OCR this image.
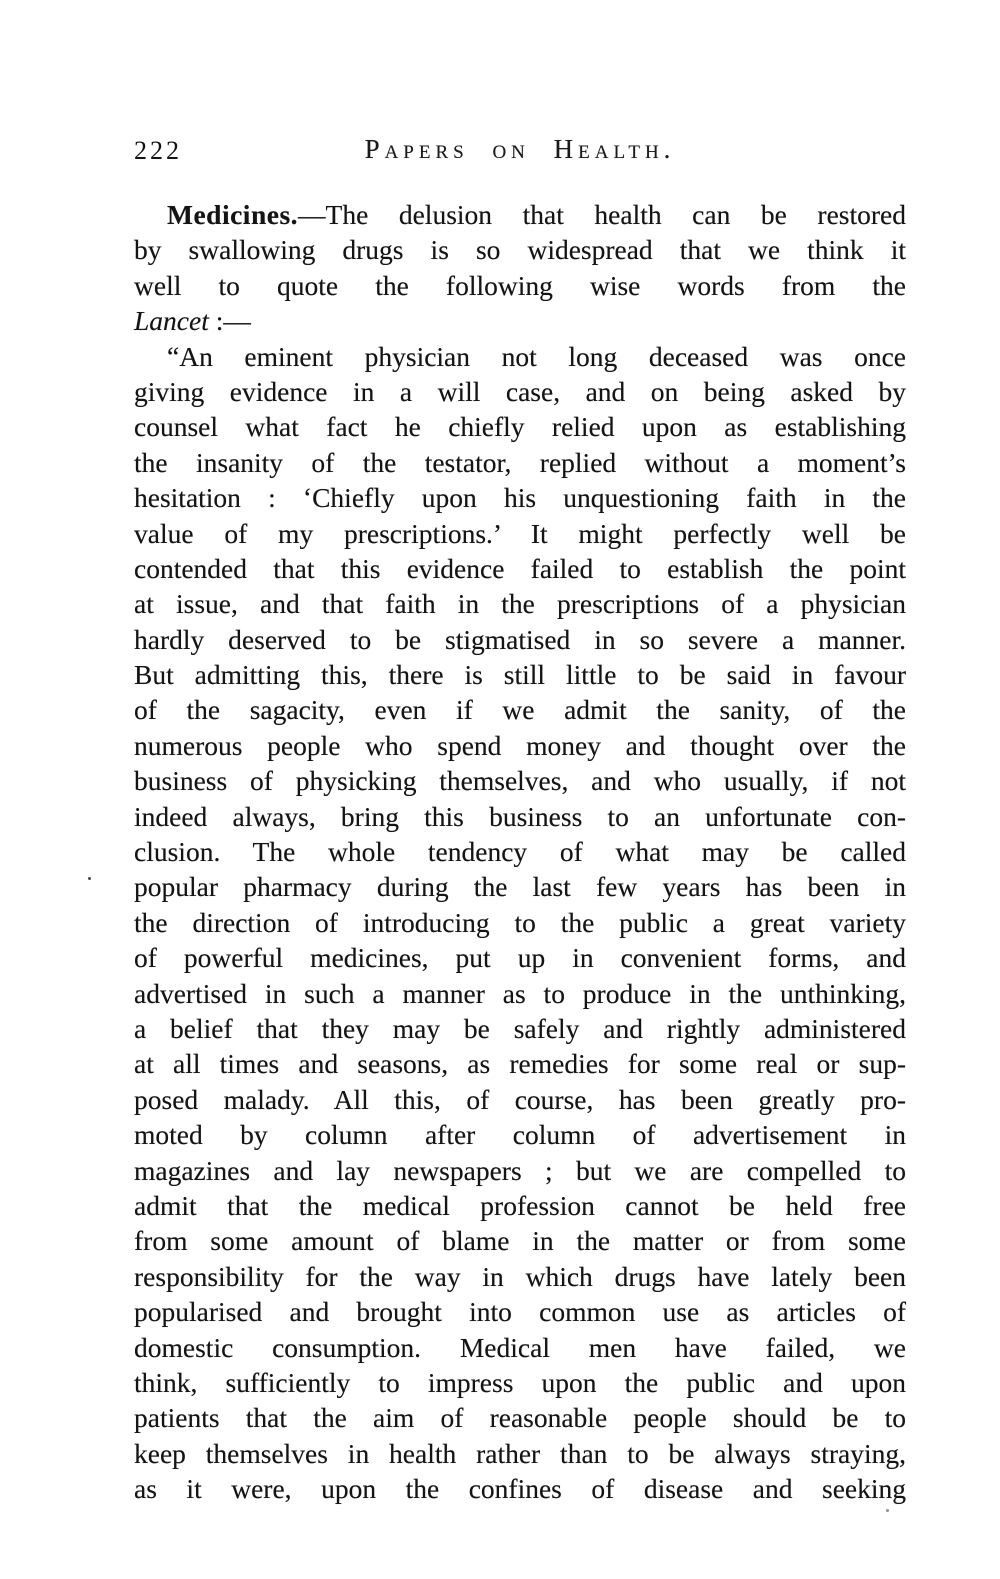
222	Papers on Health.
Medicines.—The delusion that health can be restored
by swallowing drugs is so widespread that we think it
well to quote the following wise words from the
Lancet :—
“An eminent physician not long deceased was once
giving evidence in a will case, and on being asked by
counsel what fact he chiefly relied upon as establishing
the insanity of the testator, replied without a moment’s
hesitation : ‘Chiefly upon his unquestioning faith in the
value of my prescriptions.’ It might perfectly well be
contended that this evidence failed to establish the point
at issue, and that faith in the prescriptions of a physician
hardly deserved to be stigmatised in so severe a manner.
But admitting this, there is still little to be said in favour
of the sagacity, even if we admit the sanity, of the
numerous people who spend money and thought over the
business of physicking themselves, and who usually, if not
indeed always, bring this business to an unfortunate con-
clusion. The whole tendency of what may be called
popular pharmacy during the last few years has been in
the direction of introducing to the public a great variety
of powerful medicines, put up in convenient forms, and
advertised in such a manner as to produce in the unthinking,
a belief that they may be safely and rightly administered
at all times and seasons, as remedies for some real or sup-
posed malady. All this, of course, has been greatly pro-
moted by column after column of advertisement in
magazines and lay newspapers ; but we are compelled to
admit that the medical profession cannot be held free
from some amount of blame in the matter or from some
responsibility for the way in which drugs have lately been
popularised and brought into common use as articles of
domestic consumption. Medical men have failed, we
think, sufficiently to impress upon the public and upon
patients that the aim of reasonable people should be to
keep themselves in health rather than to be always straying,
as it were, upon the confines of disease and seeking
